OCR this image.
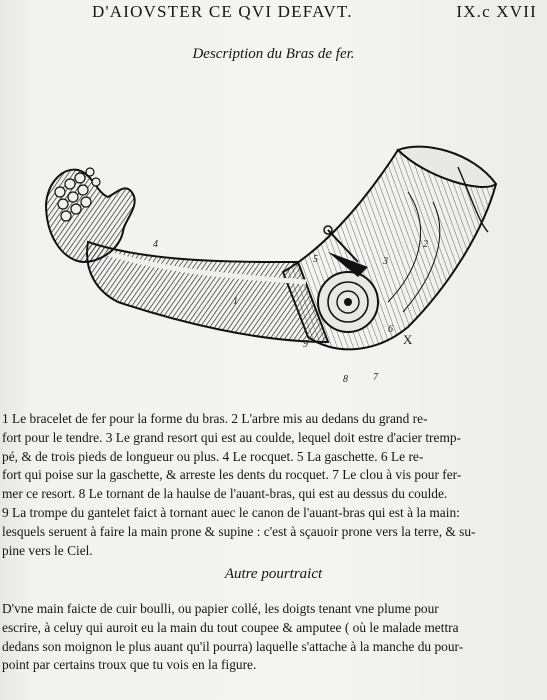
D'AIOVSTER CE QVI DEFAVT.	IX.c XVII
Description du Bras de fer.
4
1
9
5	3
2
8	7
6
X
1 Le bracelet de fer pour la forme du bras. 2 L'arbre mis au dedans du grand re-
fort pour le tendre. 3 Le grand resort qui est au coulde, lequel doit estre d'acier tremp-
pé, & de trois pieds de longueur ou plus. 4 Le rocquet. 5 La gaschette. 6 Le re-
fort qui poise sur la gaschette, & arreste les dents du rocquet. 7 Le clou à vis pour fer-
mer ce resort. 8 Le tornant de la haulse de l'auant-bras, qui est au dessus du coulde.
9 La trompe du gantelet faict à tornant auec le canon de l'auant-bras qui est à la main:
lesquels seruent à faire la main prone & supine : c'est à sçauoir prone vers la terre, & su-
pine vers le Ciel.
Autre pourtraict
D'vne main faicte de cuir boulli, ou papier collé, les doigts tenant vne plume pour
escrire, à celuy qui auroit eu la main du tout coupee & amputee ( où le malade mettra
dedans son moignon le plus auant qu'il pourra) laquelle s'attache à la manche du pour-
point par certains troux que tu vois en la figure.
